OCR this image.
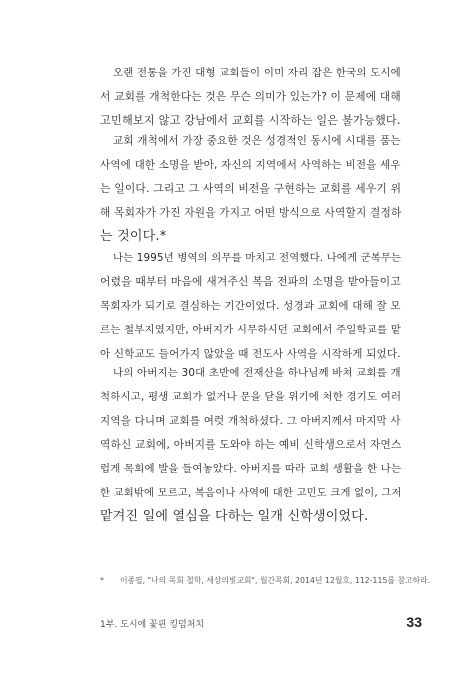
오랜 전통을 가진 대형 교회들이 이미 자리 잡은 한국의 도시에
서 교회를 개척한다는 것은 무슨 의미가 있는가? 이 문제에 대해
고민해보지 않고 강남에서 교회를 시작하는 일은 불가능했다.
교회 개척에서 가장 중요한 것은 성경적인 동시에 시대를 품는
사역에 대한 소명을 받아, 자신의 지역에서 사역하는 비전을 세우
는 일이다. 그리고 그 사역의 비전을 구현하는 교회를 세우기 위
해 목회자가 가진 자원을 가지고 어떤 방식으로 사역할지 결정하
는 것이다.*
나는 1995년 병역의 의무를 마치고 전역했다. 나에게 군복무는
어렸을 때부터 마음에 새겨주신 복음 전파의 소명을 받아들이고
목회자가 되기로 결심하는 기간이었다. 성경과 교회에 대해 잘 모
르는 철부지였지만, 아버지가 시무하시던 교회에서 주일학교를 맡
아 신학교도 들어가지 않았을 때 전도사 사역을 시작하게 되었다.
나의 아버지는 30대 초반에 전재산을 하나님께 바쳐 교회를 개
척하시고, 평생 교회가 없거나 문을 닫을 위기에 처한 경기도 여러
지역을 다니며 교회를 여럿 개척하셨다. 그 아버지께서 마지막 사
역하신 교회에, 아버지를 도와야 하는 예비 신학생으로서 자연스
럽게 목회에 발을 들여놓았다. 아버지를 따라 교회 생활을 한 나는
한 교회밖에 모르고, 복음이나 사역에 대한 고민도 크게 없이, 그저
맡겨진 일에 열심을 다하는 일개 신학생이었다.
* 이종필, "나의 목회 철학, 세상의빛교회", 월간목회, 2014년 12월호, 112-115를 참고하라.
1부. 도시에 꽃핀 킹덤처치	33
